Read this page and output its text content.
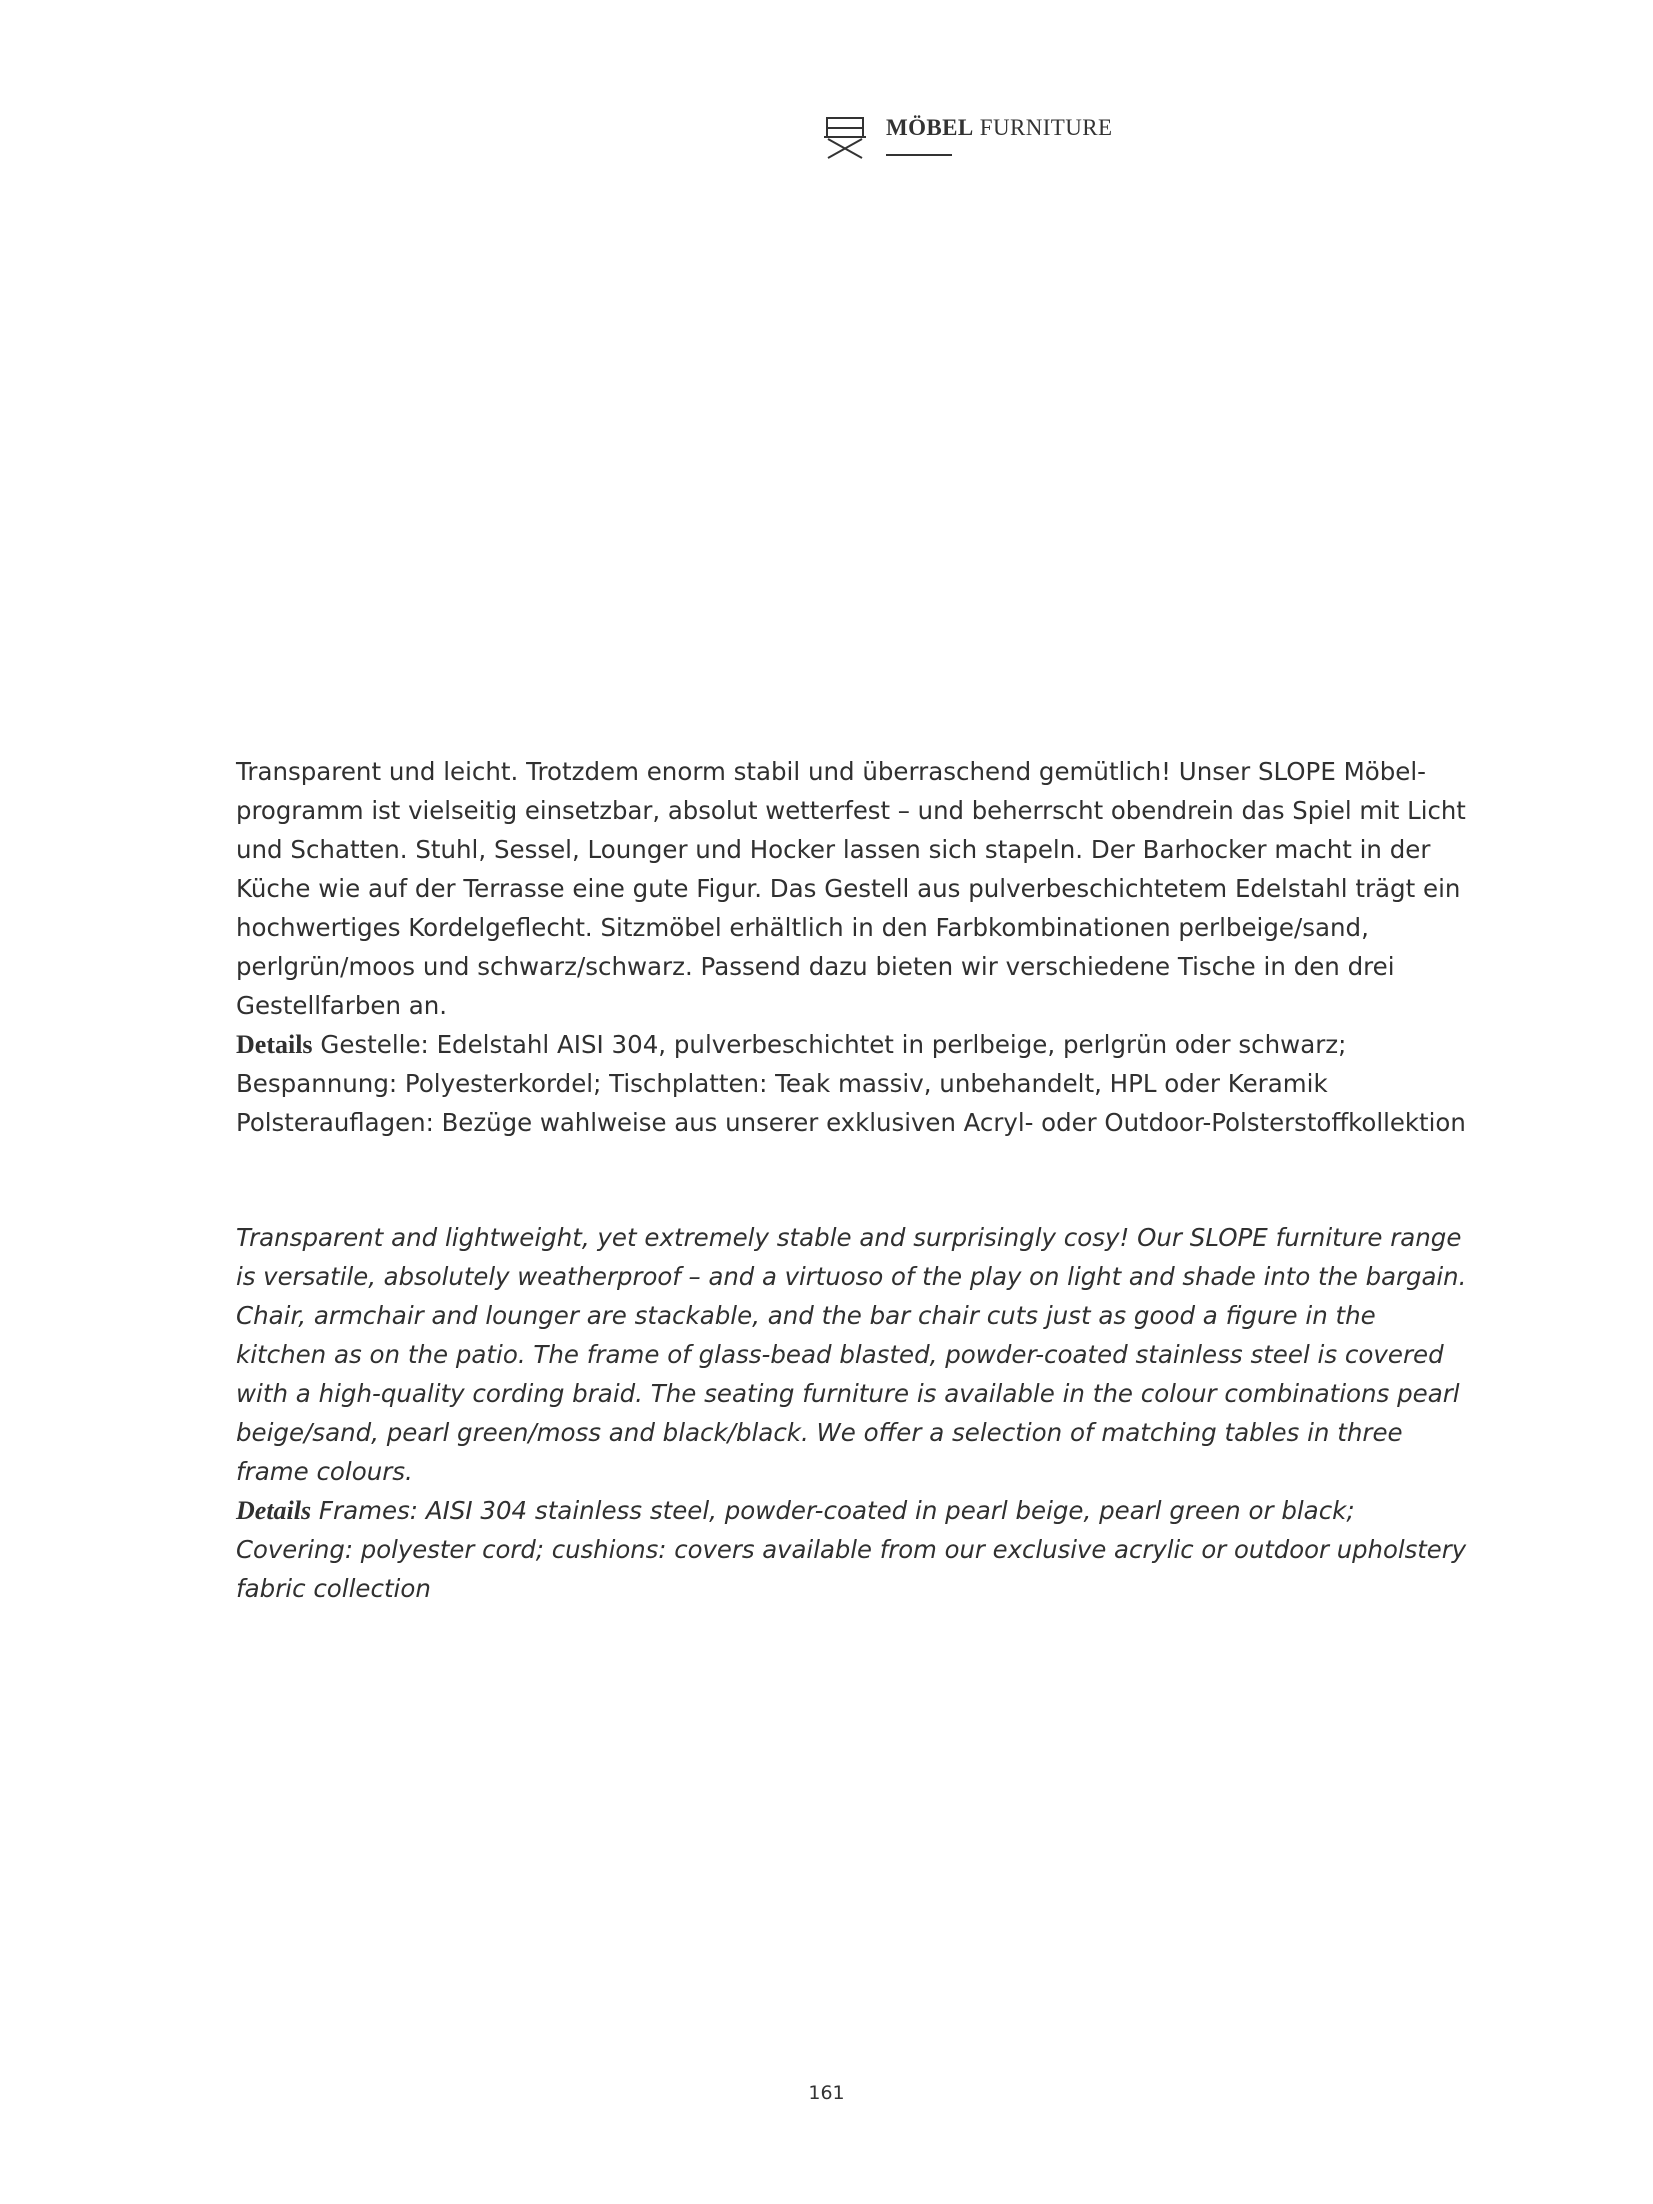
MÖBEL FURNITURE
Transparent und leicht. Trotzdem enorm stabil und überraschend gemütlich! Unser SLOPE Möbel-
programm ist vielseitig einsetzbar, absolut wetterfest – und beherrscht obendrein das Spiel mit Licht
und Schatten. Stuhl, Sessel, Lounger und Hocker lassen sich stapeln. Der Barhocker macht in der
Küche wie auf der Terrasse eine gute Figur. Das Gestell aus pulverbeschichtetem Edelstahl trägt ein
hochwertiges Kordelgeflecht. Sitzmöbel erhältlich in den Farbkombinationen perlbeige/sand,
perlgrün/moos und schwarz/schwarz. Passend dazu bieten wir verschiedene Tische in den drei
Gestellfarben an.
Details Gestelle: Edelstahl AISI 304, pulverbeschichtet in perlbeige, perlgrün oder schwarz;
Bespannung: Polyesterkordel; Tischplatten: Teak massiv, unbehandelt, HPL oder Keramik
Polsterauflagen: Bezüge wahlweise aus unserer exklusiven Acryl- oder Outdoor-Polsterstoffkollektion
Transparent and lightweight, yet extremely stable and surprisingly cosy! Our SLOPE furniture range
is versatile, absolutely weatherproof – and a virtuoso of the play on light and shade into the bargain.
Chair, armchair and lounger are stackable, and the bar chair cuts just as good a figure in the
kitchen as on the patio. The frame of glass-bead blasted, powder-coated stainless steel is covered
with a high-quality cording braid. The seating furniture is available in the colour combinations pearl
beige/sand, pearl green/moss and black/black. We offer a selection of matching tables in three
frame colours.
Details Frames: AISI 304 stainless steel, powder-coated in pearl beige, pearl green or black;
Covering: polyester cord; cushions: covers available from our exclusive acrylic or outdoor upholstery
fabric collection
161
